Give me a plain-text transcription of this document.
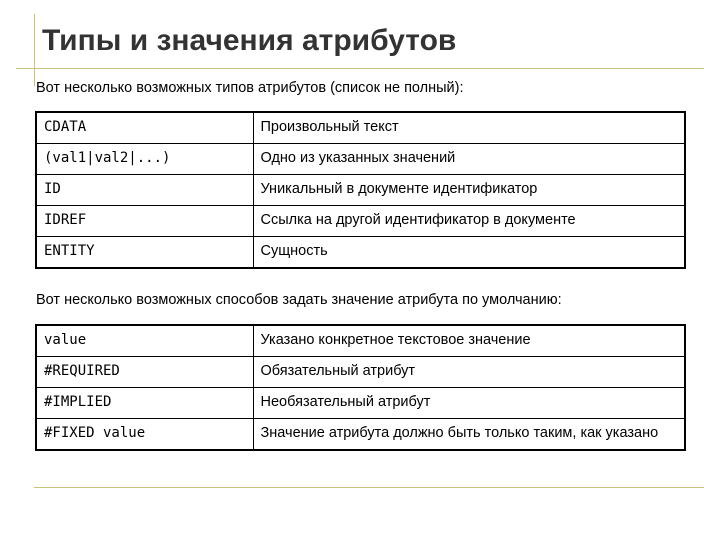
Типы и значения атрибутов

Вот несколько возможных типов атрибутов (список не полный):

CDATA	Произвольный текст
(val1|val2|...)	Одно из указанных значений
ID	Уникальный в документе идентификатор
IDREF	Ссылка на другой идентификатор в документе
ENTITY	Сущность

Вот несколько возможных способов задать значение атрибута по умолчанию:

value	Указано конкретное текстовое значение
#REQUIRED	Обязательный атрибут
#IMPLIED	Необязательный атрибут
#FIXED value	Значение атрибута должно быть только таким, как указано
